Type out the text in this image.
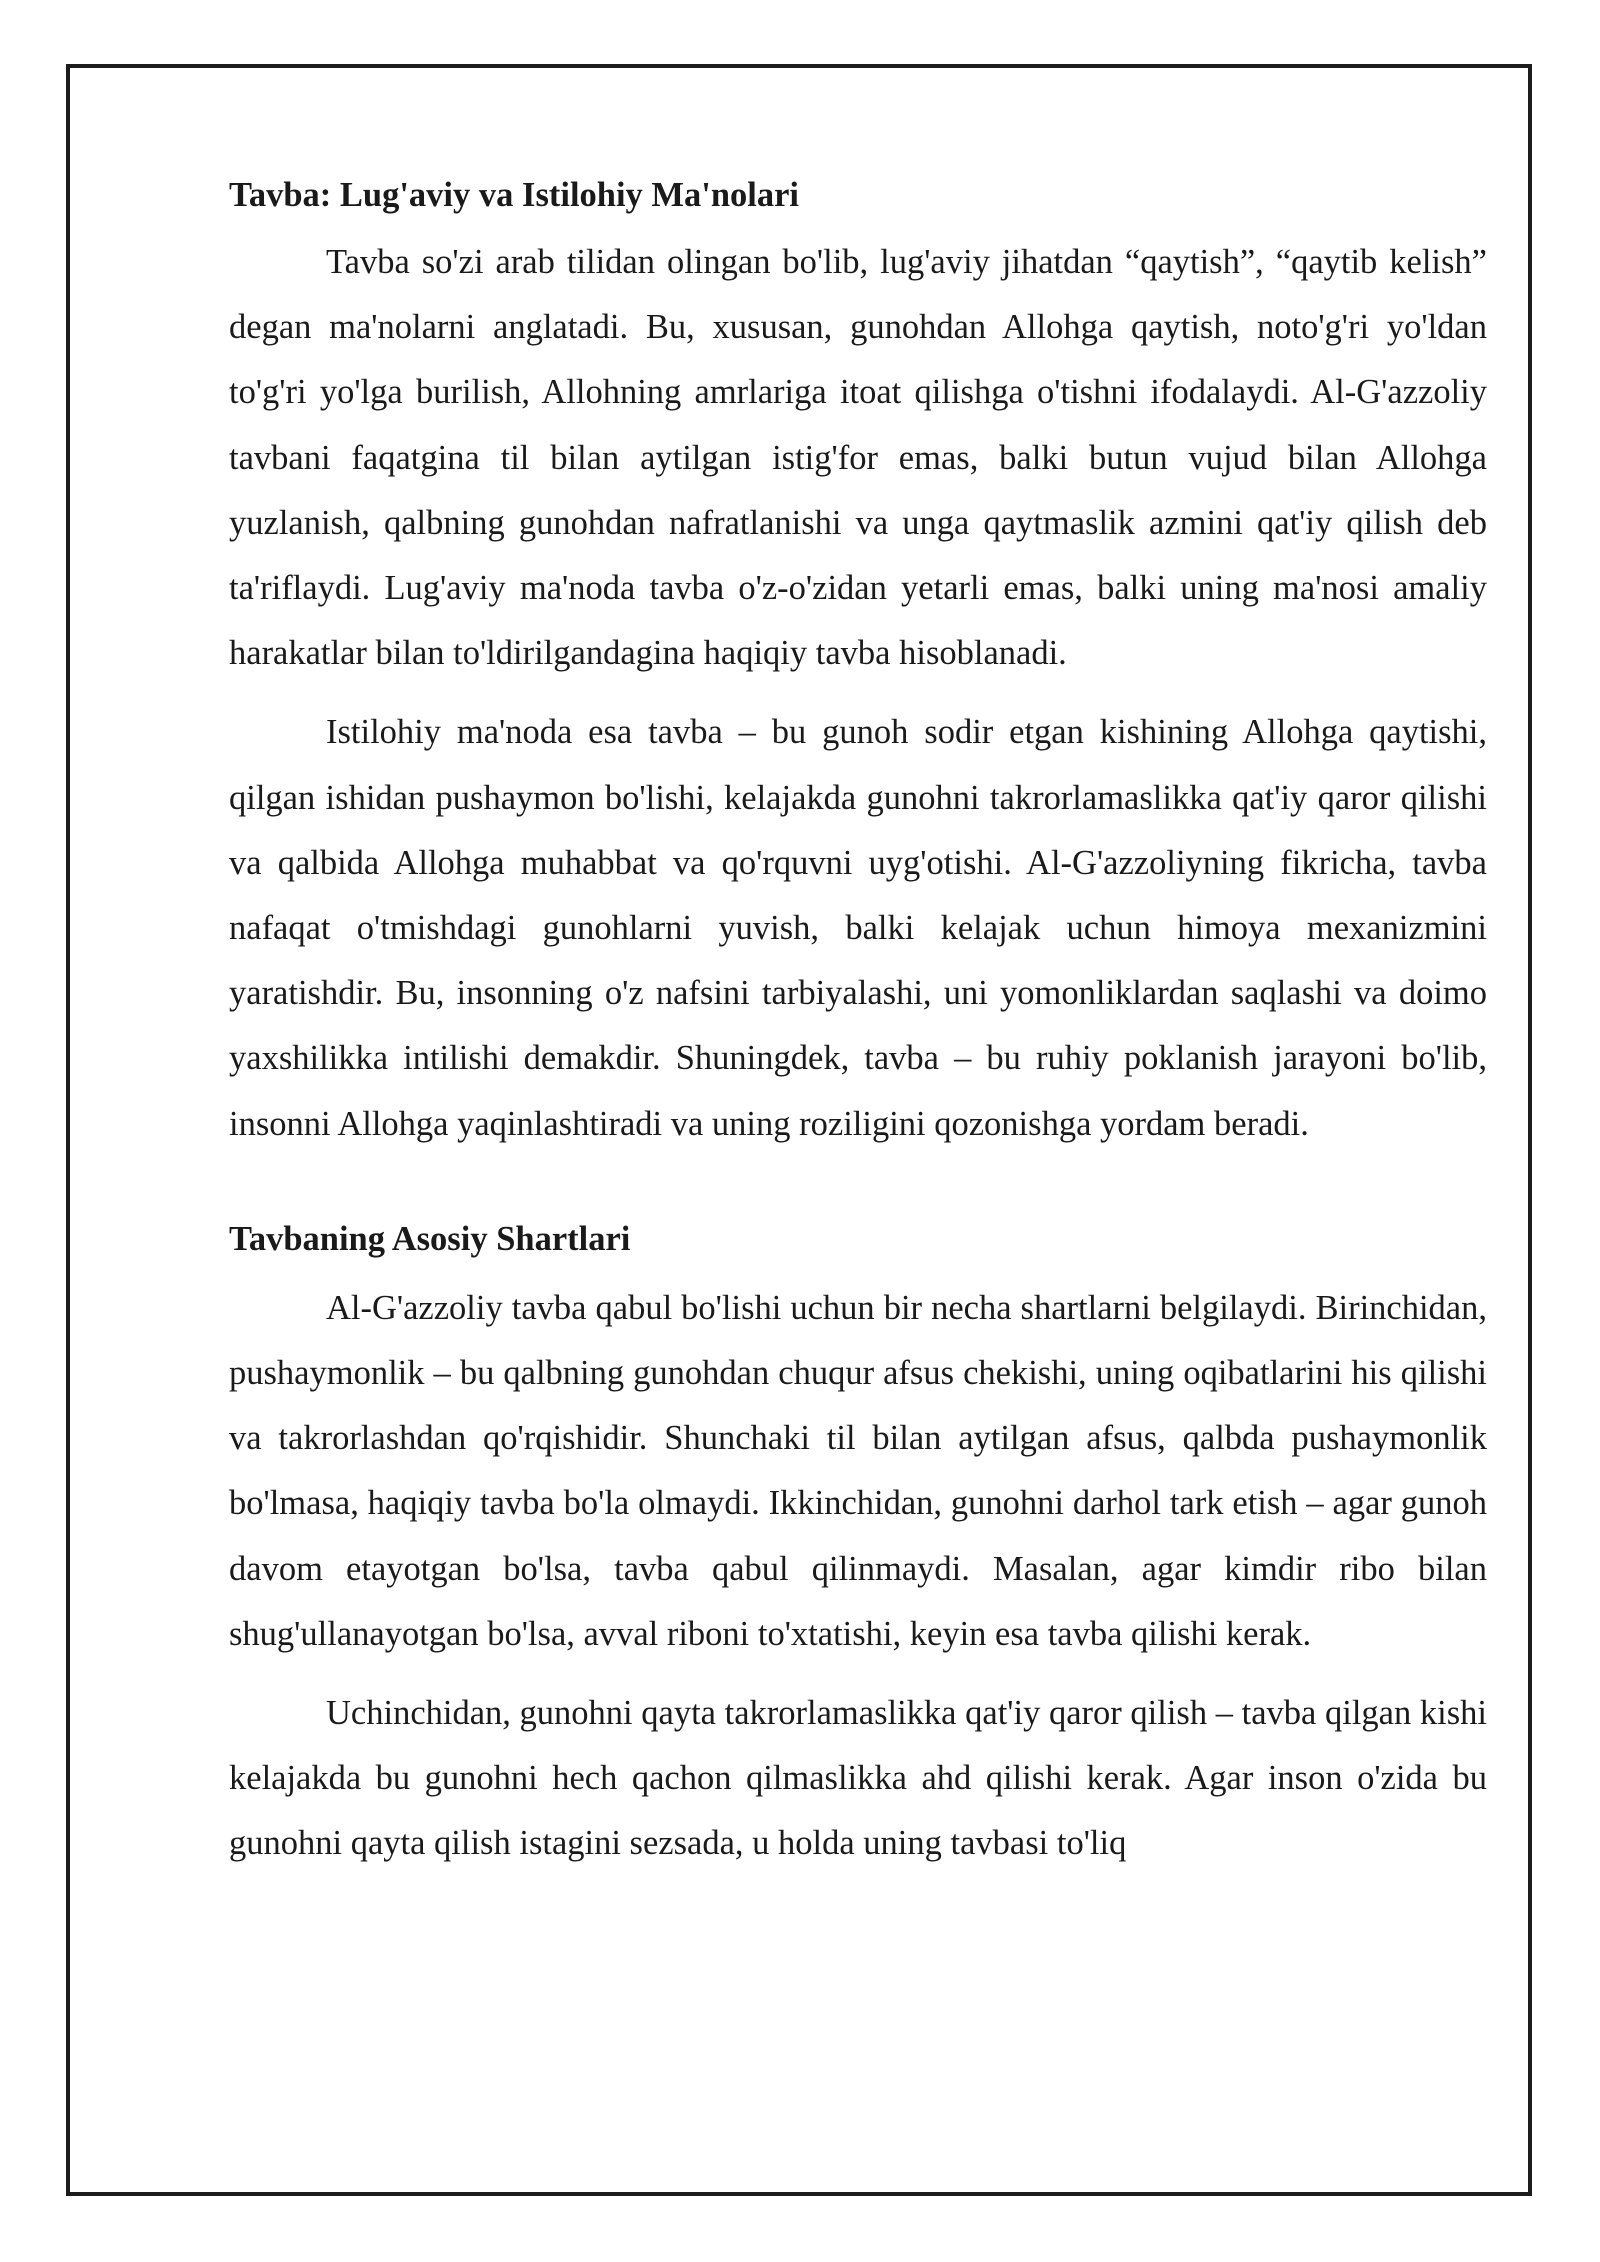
Tavba: Lug'aviy va Istilohiy Ma'nolari

Tavba so'zi arab tilidan olingan bo'lib, lug'aviy jihatdan “qaytish”, “qaytib kelish” degan ma'nolarni anglatadi. Bu, xususan, gunohdan Allohga qaytish, noto'g'ri yo'ldan to'g'ri yo'lga burilish, Allohning amrlariga itoat qilishga o'tishni ifodalaydi. Al-G'azzoliy tavbani faqatgina til bilan aytilgan istig'for emas, balki butun vujud bilan Allohga yuzlanish, qalbning gunohdan nafratlanishi va unga qaytmaslik azmini qat'iy qilish deb ta'riflaydi. Lug'aviy ma'noda tavba o'z-o'zidan yetarli emas, balki uning ma'nosi amaliy harakatlar bilan to'ldirilgandagina haqiqiy tavba hisoblanadi.

Istilohiy ma'noda esa tavba – bu gunoh sodir etgan kishining Allohga qaytishi, qilgan ishidan pushaymon bo'lishi, kelajakda gunohni takrorlamaslikka qat'iy qaror qilishi va qalbida Allohga muhabbat va qo'rquvni uyg'otishi. Al-G'azzoliyning fikricha, tavba nafaqat o'tmishdagi gunohlarni yuvish, balki kelajak uchun himoya mexanizmini yaratishdir. Bu, insonning o'z nafsini tarbiyalashi, uni yomonliklardan saqlashi va doimo yaxshilikka intilishi demakdir. Shuningdek, tavba – bu ruhiy poklanish jarayoni bo'lib, insonni Allohga yaqinlashtiradi va uning roziligini qozonishga yordam beradi.

Tavbaning Asosiy Shartlari

Al-G'azzoliy tavba qabul bo'lishi uchun bir necha shartlarni belgilaydi. Birinchidan, pushaymonlik – bu qalbning gunohdan chuqur afsus chekishi, uning oqibatlarini his qilishi va takrorlashdan qo'rqishidir. Shunchaki til bilan aytilgan afsus, qalbda pushaymonlik bo'lmasa, haqiqiy tavba bo'la olmaydi. Ikkinchidan, gunohni darhol tark etish – agar gunoh davom etayotgan bo'lsa, tavba qabul qilinmaydi. Masalan, agar kimdir ribo bilan shug'ullanayotgan bo'lsa, avval riboni to'xtatishi, keyin esa tavba qilishi kerak.

Uchinchidan, gunohni qayta takrorlamaslikka qat'iy qaror qilish – tavba qilgan kishi kelajakda bu gunohni hech qachon qilmaslikka ahd qilishi kerak. Agar inson o'zida bu gunohni qayta qilish istagini sezsada, u holda uning tavbasi to'liq
